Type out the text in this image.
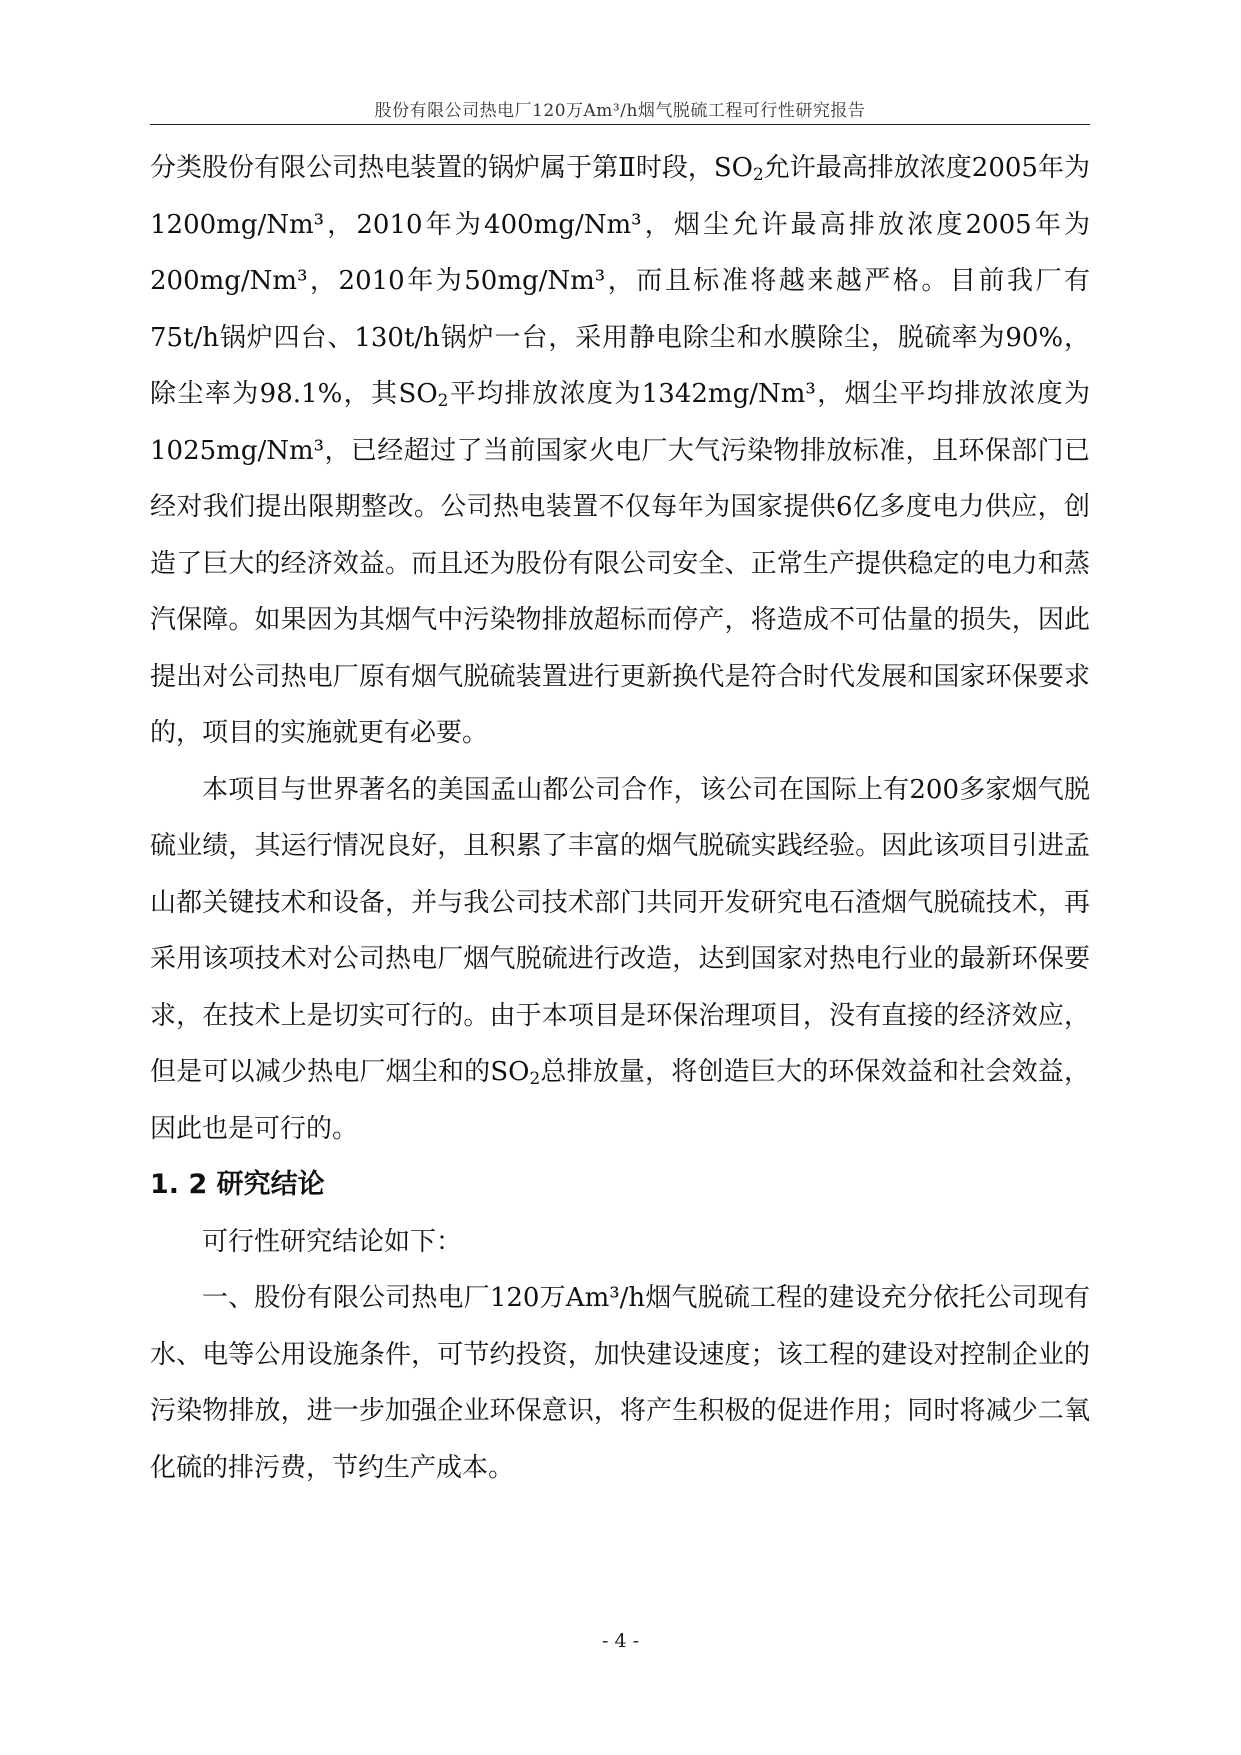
股份有限公司热电厂120万Am³/h烟气脱硫工程可行性研究报告

分类股份有限公司热电装置的锅炉属于第Ⅱ时段，$SO_2$允许最高排放浓度2005年为1200mg/Nm³，2010年为400mg/Nm³，烟尘允许最高排放浓度2005年为200mg/Nm³，2010年为50mg/Nm³，而且标准将越来越严格。目前我厂有75t/h锅炉四台、130t/h锅炉一台，采用静电除尘和水膜除尘，脱硫率为90%，除尘率为98.1%，其$SO_2$平均排放浓度为1342mg/Nm³，烟尘平均排放浓度为1025mg/Nm³，已经超过了当前国家火电厂大气污染物排放标准，且环保部门已经对我们提出限期整改。公司热电装置不仅每年为国家提供6亿多度电力供应，创造了巨大的经济效益。而且还为股份有限公司安全、正常生产提供稳定的电力和蒸汽保障。如果因为其烟气中污染物排放超标而停产，将造成不可估量的损失，因此提出对公司热电厂原有烟气脱硫装置进行更新换代是符合时代发展和国家环保要求的，项目的实施就更有必要。

本项目与世界著名的美国孟山都公司合作，该公司在国际上有200多家烟气脱硫业绩，其运行情况良好，且积累了丰富的烟气脱硫实践经验。因此该项目引进孟山都关键技术和设备，并与我公司技术部门共同开发研究电石渣烟气脱硫技术，再采用该项技术对公司热电厂烟气脱硫进行改造，达到国家对热电行业的最新环保要求，在技术上是切实可行的。由于本项目是环保治理项目，没有直接的经济效应，但是可以减少热电厂烟尘和的$SO_2$总排放量，将创造巨大的环保效益和社会效益，因此也是可行的。

1. 2 研究结论

可行性研究结论如下：

一、股份有限公司热电厂120万Am³/h烟气脱硫工程的建设充分依托公司现有水、电等公用设施条件，可节约投资，加快建设速度；该工程的建设对控制企业的污染物排放，进一步加强企业环保意识，将产生积极的促进作用；同时将减少二氧化硫的排污费，节约生产成本。

- 4 -
